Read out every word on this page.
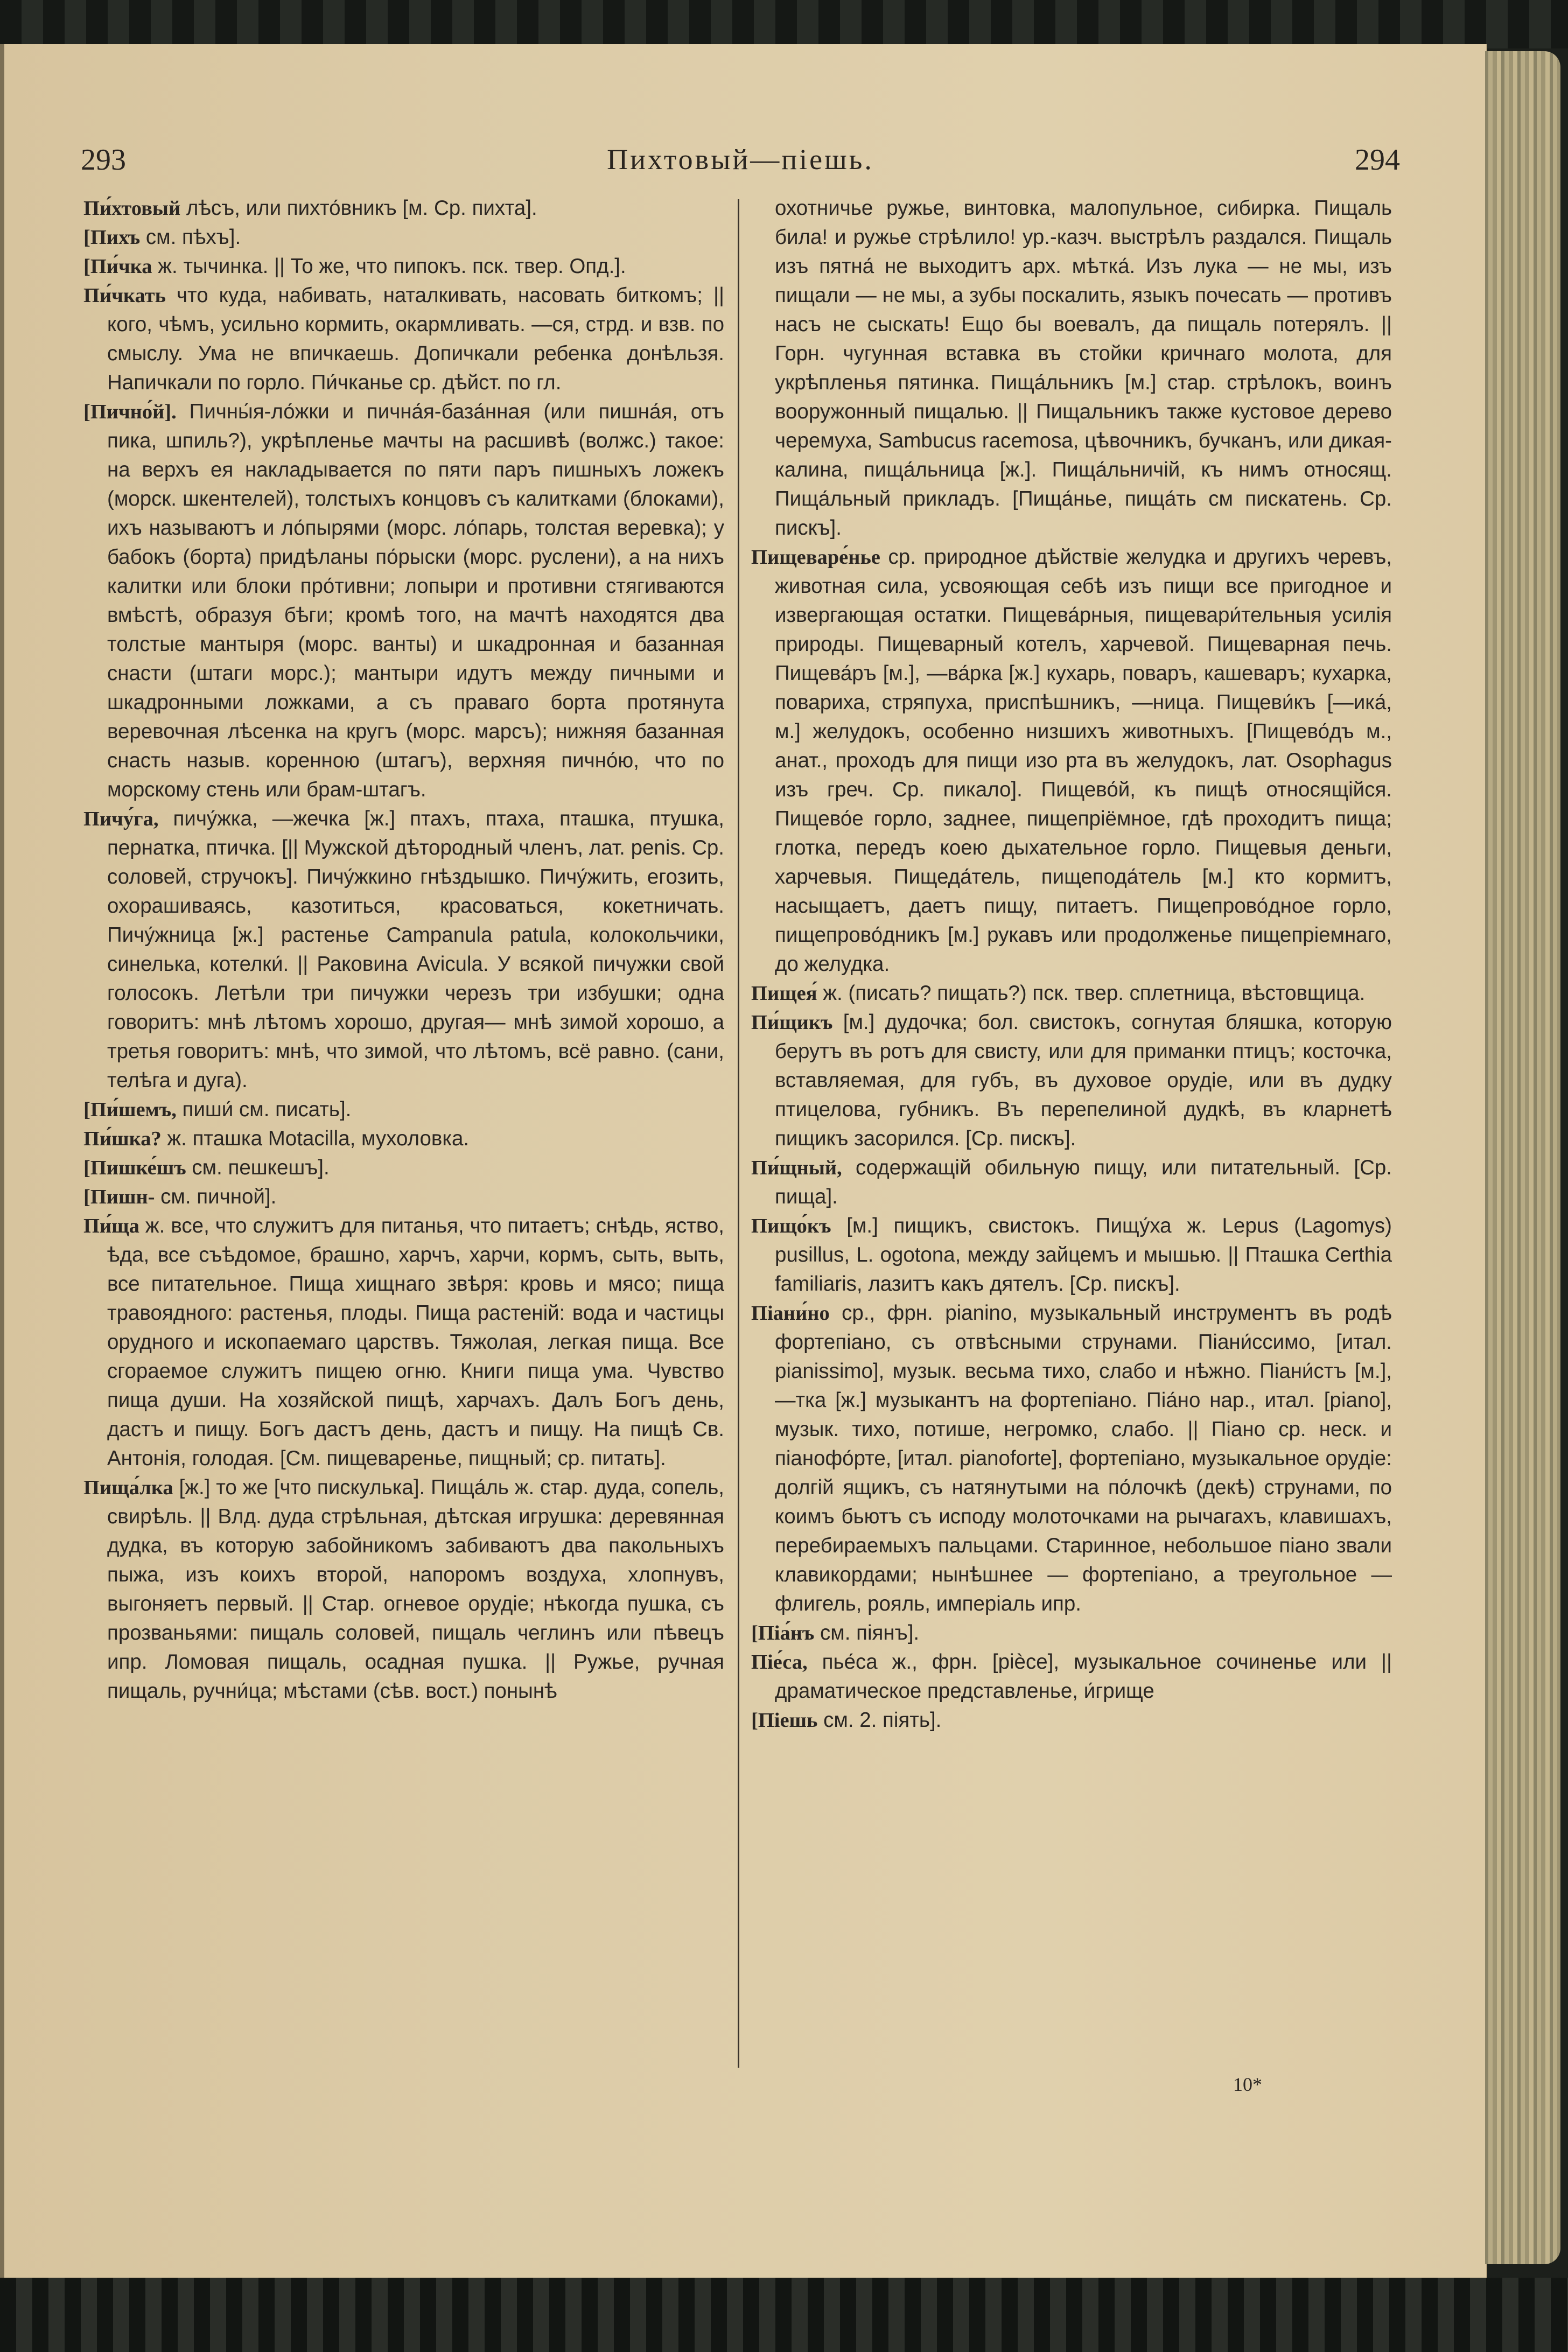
293	Пихтовый—піешь.	294

Пи́хтовый лѣсъ, или пихто́вникъ [м. Ср. пихта].

[Пихъ см. пѣхъ].

[Пи́чка ж. тычинка. || То же, что пипокъ. пск. твер. Опд.].

Пи́чкать что куда, набивать, наталкивать, насовать биткомъ; || кого, чѣмъ, усильно кормить, окармливать. —ся, стрд. и взв. по смыслу. Ума не впичкаешь. Допичкали ребенка донѣльзя. Напичкали по горло. Пи́чканье ср. дѣйст. по гл.

[Пично́й]. Пичны́я-ло́жки и пична́я-база́нная (или пишна́я, отъ пика, шпиль?), укрѣпленье мачты на расшивѣ (волжс.) такое: на верхъ ея накладывается по пяти паръ пишныхъ ложекъ (морск. шкентелей), толстыхъ концовъ съ калитками (блоками), ихъ называютъ и ло́пырями (морс. ло́парь, толстая веревка); у бабокъ (борта) придѣланы по́рыски (морс. руслени), а на нихъ калитки или блоки про́тивни; лопыри и противни стягиваются вмѣстѣ, образуя бѣги; кромѣ того, на мачтѣ находятся два толстые мантыря (морс. ванты) и шкадронная и базанная снасти (штаги морс.); мантыри идутъ между пичными и шкадронными ложками, а съ праваго борта протянута веревочная лѣсенка на кругъ (морс. марсъ); нижняя базанная снасть назыв. коренною (штагъ), верхняя пично́ю, что по морскому стень или брам-штагъ.

Пичу́га, пичу́жка, —жечка [ж.] птахъ, птаха, пташка, птушка, пернатка, птичка. [|| Мужской дѣтородный членъ, лат. penis. Ср. соловей, стручокъ]. Пичу́жкино гнѣздышко. Пичу́жить, егозить, охорашиваясь, казотиться, красоваться, кокетничать. Пичу́жница [ж.] растенье Campanula patula, колокольчики, синелька, котелки́. || Раковина Avicula. У всякой пичужки свой голосокъ. Летѣли три пичужки черезъ три избушки; одна говоритъ: мнѣ лѣтомъ хорошо, другая— мнѣ зимой хорошо, а третья говоритъ: мнѣ, что зимой, что лѣтомъ, всё равно. (сани, телѣга и дуга).

[Пи́шемъ, пиши́ см. писать].

Пи́шка? ж. пташка Motacilla, мухоловка.

[Пишке́шъ см. пешкешъ].

[Пишн- см. пичной].

Пи́ща ж. все, что служитъ для питанья, что питаетъ; снѣдь, яство, ѣда, все съѣдомое, брашно, харчъ, харчи, кормъ, сыть, выть, все питательное. Пища хищнаго звѣря: кровь и мясо; пища травоядного: растенья, плоды. Пища растеній: вода и частицы орудного и ископаемаго царствъ. Тяжолая, легкая пища. Все сгораемое служитъ пищею огню. Книги пища ума. Чувство пища души. На хозяйской пищѣ, харчахъ. Далъ Богъ день, дастъ и пищу. Богъ дастъ день, дастъ и пищу. На пищѣ Св. Антонія, голодая. [См. пищеваренье, пищный; ср. питать].

Пища́лка [ж.] то же [что пискулька]. Пища́ль ж. стар. дуда, сопель, свирѣль. || Влд. дуда стрѣльная, дѣтская игрушка: деревянная дудка, въ которую забойникомъ забиваютъ два пакольныхъ пыжа, изъ коихъ второй, напоромъ воздуха, хлопнувъ, выгоняетъ первый. || Стар. огневое орудіе; нѣкогда пушка, съ прозваньями: пищаль соловей, пищаль чеглинъ или пѣвецъ ипр. Ломовая пищаль, осадная пушка. || Ружье, ручная пищаль, ручни́ца; мѣстами (сѣв. вост.) понынѣ

охотничье ружье, винтовка, малопульное, сибирка. Пищаль била! и ружье стрѣлило! ур.-казч. выстрѣлъ раздался. Пищаль изъ пятна́ не выходитъ арх. мѣтка́. Изъ лука — не мы, изъ пищали — не мы, а зубы поскалить, языкъ почесать — противъ насъ не сыскать! Ещо бы воевалъ, да пищаль потерялъ. || Горн. чугунная вставка въ стойки кричнаго молота, для укрѣпленья пятинка. Пища́льникъ [м.] стар. стрѣлокъ, воинъ вооружонный пищалью. || Пищальникъ также кустовое дерево черемуха, Sambucus racemosa, цѣвочникъ, бучканъ, или дикая-калина, пища́льница [ж.]. Пища́льничій, къ нимъ относящ. Пища́льный прикладъ. [Пища́нье, пища́ть см пискатень. Ср. пискъ].

Пищеваре́нье ср. природное дѣйствіе желудка и другихъ черевъ, животная сила, усвояющая себѣ изъ пищи все пригодное и извергающая остатки. Пищева́рныя, пищевари́тельныя усилія природы. Пищеварный котелъ, харчевой. Пищеварная печь. Пищева́ръ [м.], —ва́рка [ж.] кухарь, поваръ, кашеваръ; кухарка, повариха, стряпуха, приспѣшникъ, —ница. Пищеви́къ [—ика́, м.] желудокъ, особенно низшихъ животныхъ. [Пищево́дъ м., анат., проходъ для пищи изо рта въ желудокъ, лат. Osophagus изъ греч. Ср. пикало]. Пищево́й, къ пищѣ относящійся. Пищево́е горло, заднее, пищепріёмное, гдѣ проходитъ пища; глотка, передъ коею дыхательное горло. Пищевыя деньги, харчевыя. Пищеда́тель, пищепода́тель [м.] кто кормитъ, насыщаетъ, даетъ пищу, питаетъ. Пищепрово́дное горло, пищепрово́дникъ [м.] рукавъ или продолженье пищепріемнаго, до желудка.

Пищея́ ж. (писать? пищать?) пск. твер. сплетница, вѣстовщица.

Пи́щикъ [м.] дудочка; бол. свистокъ, согнутая бляшка, которую берутъ въ ротъ для свисту, или для приманки птицъ; косточка, вставляемая, для губъ, въ духовое орудіе, или въ дудку птицелова, губникъ. Въ перепелиной дудкѣ, въ кларнетѣ пищикъ засорился. [Ср. пискъ].

Пи́щный, содержащій обильную пищу, или питательный. [Ср. пища].

Пищо́къ [м.] пищикъ, свистокъ. Пищу́ха ж. Lepus (Lagomys) pusillus, L. ogotona, между зайцемъ и мышью. || Пташка Certhia familiaris, лазитъ какъ дятелъ. [Ср. пискъ].

Піани́но ср., фрн. pianino, музыкальный инструментъ въ родѣ фортепіано, съ отвѣсными струнами. Піани́ссимо, [итал. pianissimo], музык. весьма тихо, слабо и нѣжно. Піани́стъ [м.], —тка [ж.] музыкантъ на фортепіано. Піа́но нар., итал. [piano], музык. тихо, потише, негромко, слабо. || Піано ср. неск. и піанофо́рте, [итал. pianoforte], фортепіано, музыкальное орудіе: долгій ящикъ, съ натянутыми на по́лочкѣ (декѣ) струнами, по коимъ бьютъ съ исподу молоточками на рычагахъ, клавишахъ, перебираемыхъ пальцами. Старинное, небольшое піано звали клавикордами; нынѣшнее — фортепіано, а треугольное — флигель, рояль, имперіаль ипр.

[Піа́нъ см. піянъ].

Піе́са, пье́са ж., фрн. [pièce], музыкальное сочиненье или || драматическое представленье, и́грище

[Піешь см. 2. піять].

10*
